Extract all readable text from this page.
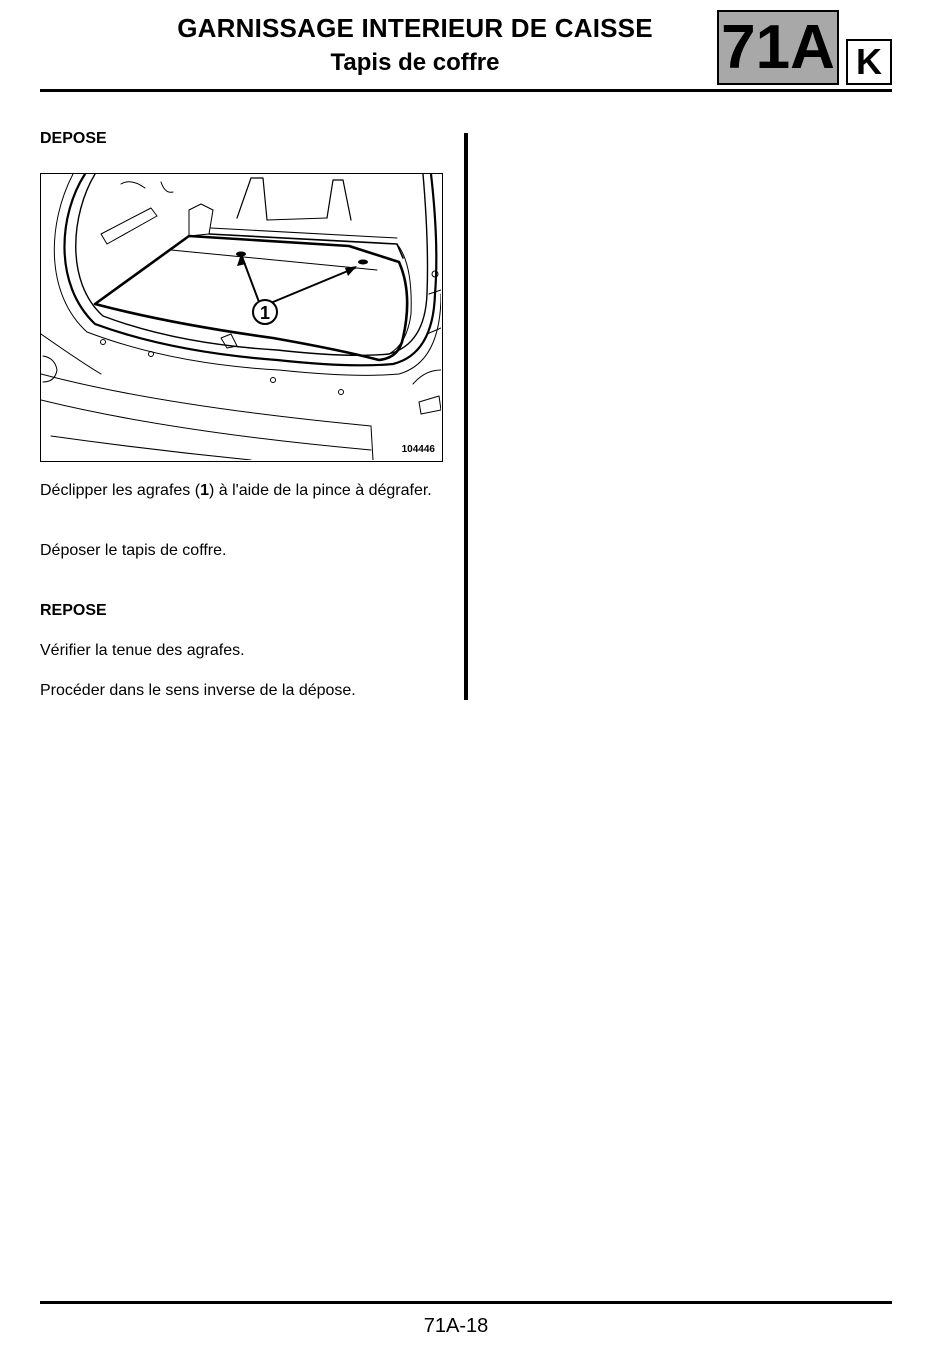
GARNISSAGE INTERIEUR DE CAISSE
Tapis de coffre	71A K
DEPOSE
1
104446
Déclipper les agrafes (1) à l'aide de la pince à dégrafer.
Déposer le tapis de coffre.
REPOSE
Vérifier la tenue des agrafes.
Procéder dans le sens inverse de la dépose.
71A-18
